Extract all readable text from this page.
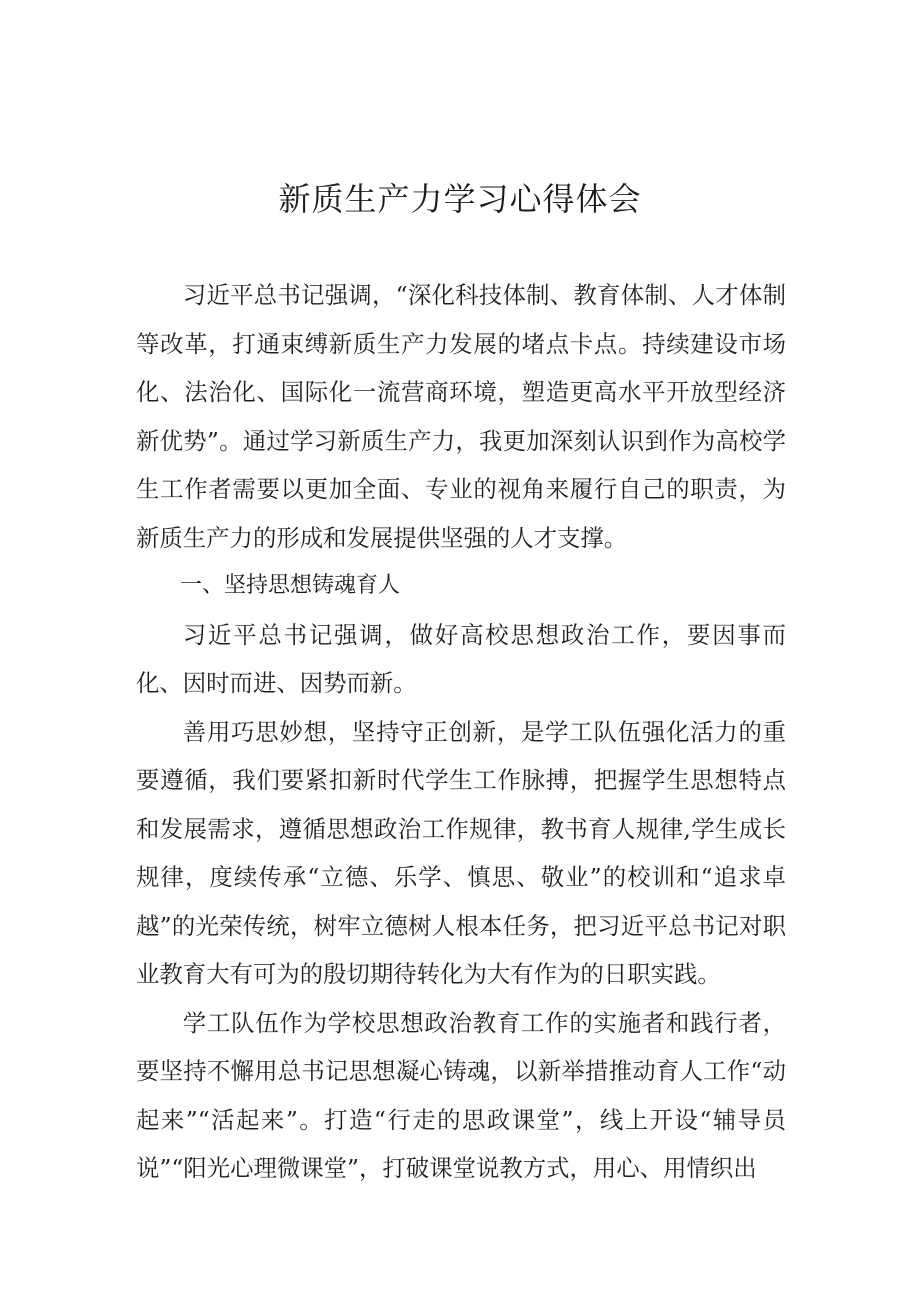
新质生产力学习心得体会

习近平总书记强调，“深化科技体制、教育体制、人才体制等改革，打通束缚新质生产力发展的堵点卡点。持续建设市场化、法治化、国际化一流营商环境，塑造更高水平开放型经济新优势”。通过学习新质生产力，我更加深刻认识到作为高校学生工作者需要以更加全面、专业的视角来履行自己的职责，为新质生产力的形成和发展提供坚强的人才支撑。

一、坚持思想铸魂育人

习近平总书记强调，做好高校思想政治工作，要因事而化、因时而进、因势而新。

善用巧思妙想，坚持守正创新，是学工队伍强化活力的重要遵循，我们要紧扣新时代学生工作脉搏，把握学生思想特点和发展需求，遵循思想政治工作规律，教书育人规律,学生成长规律，度续传承“立德、乐学、慎思、敬业”的校训和“追求卓越”的光荣传统，树牢立德树人根本任务，把习近平总书记对职业教育大有可为的殷切期待转化为大有作为的日职实践。

学工队伍作为学校思想政治教育工作的实施者和践行者，要坚持不懈用总书记思想凝心铸魂，以新举措推动育人工作“动起来”“活起来”。打造“行走的思政课堂”，线上开设“辅导员说”“阳光心理微课堂”，打破课堂说教方式，用心、用情织出
